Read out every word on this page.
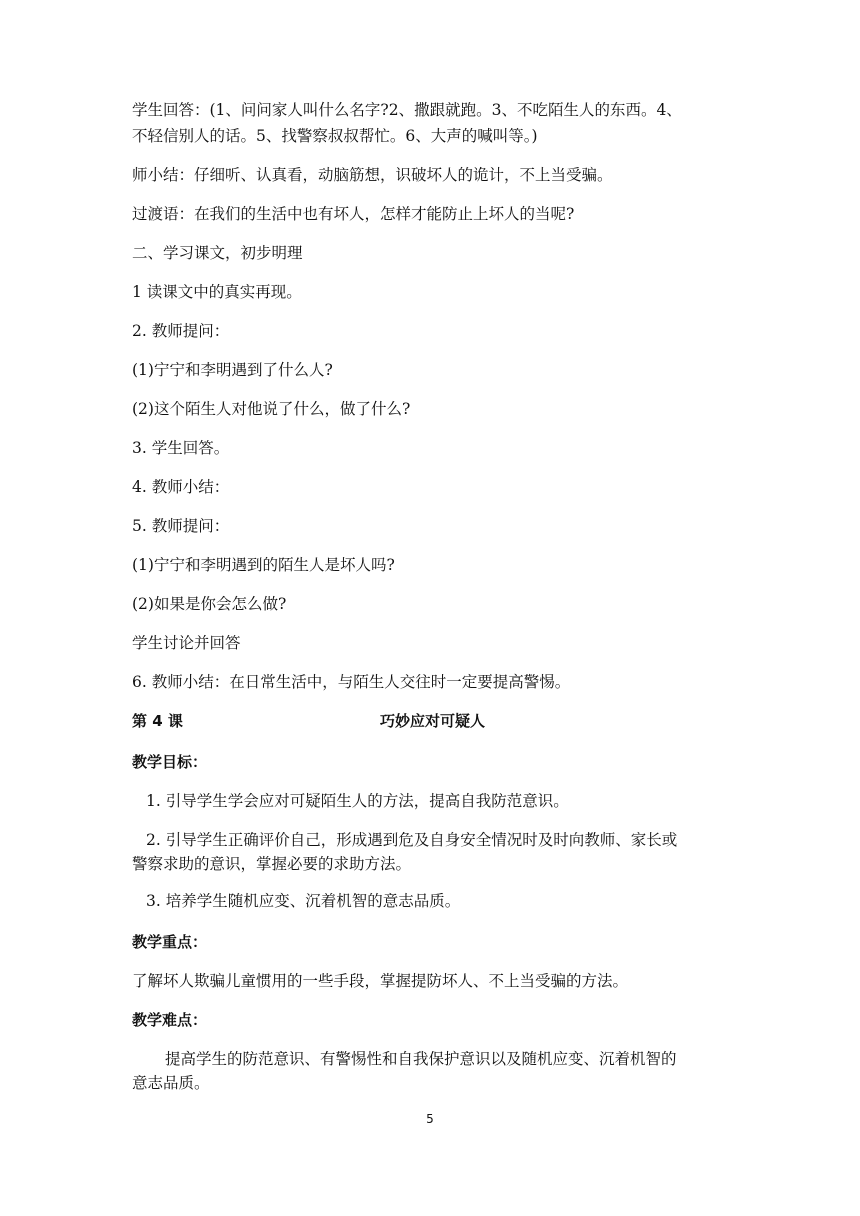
学生回答：(1、问问家人叫什么名字?2、撒跟就跑。3、不吃陌生人的东西。4、
不轻信别人的话。5、找警察叔叔帮忙。6、大声的喊叫等。)
师小结：仔细听、认真看，动脑筋想，识破坏人的诡计，不上当受骗。
过渡语：在我们的生活中也有坏人，怎样才能防止上坏人的当呢?
二、学习课文，初步明理
1 读课文中的真实再现。
2. 教师提问：
(1)宁宁和李明遇到了什么人?
(2)这个陌生人对他说了什么，做了什么?
3. 学生回答。
4. 教师小结：
5. 教师提问：
(1)宁宁和李明遇到的陌生人是坏人吗?
(2)如果是你会怎么做?
学生讨论并回答
6. 教师小结：在日常生活中，与陌生人交往时一定要提高警惕。
第 4 课	巧妙应对可疑人
教学目标：
1. 引导学生学会应对可疑陌生人的方法，提高自我防范意识。
2. 引导学生正确评价自己，形成遇到危及自身安全情况时及时向教师、家长或
警察求助的意识，掌握必要的求助方法。
3. 培养学生随机应变、沉着机智的意志品质。
教学重点：
了解坏人欺骗儿童惯用的一些手段，掌握提防坏人、不上当受骗的方法。
教学难点：
提高学生的防范意识、有警惕性和自我保护意识以及随机应变、沉着机智的
意志品质。
5
